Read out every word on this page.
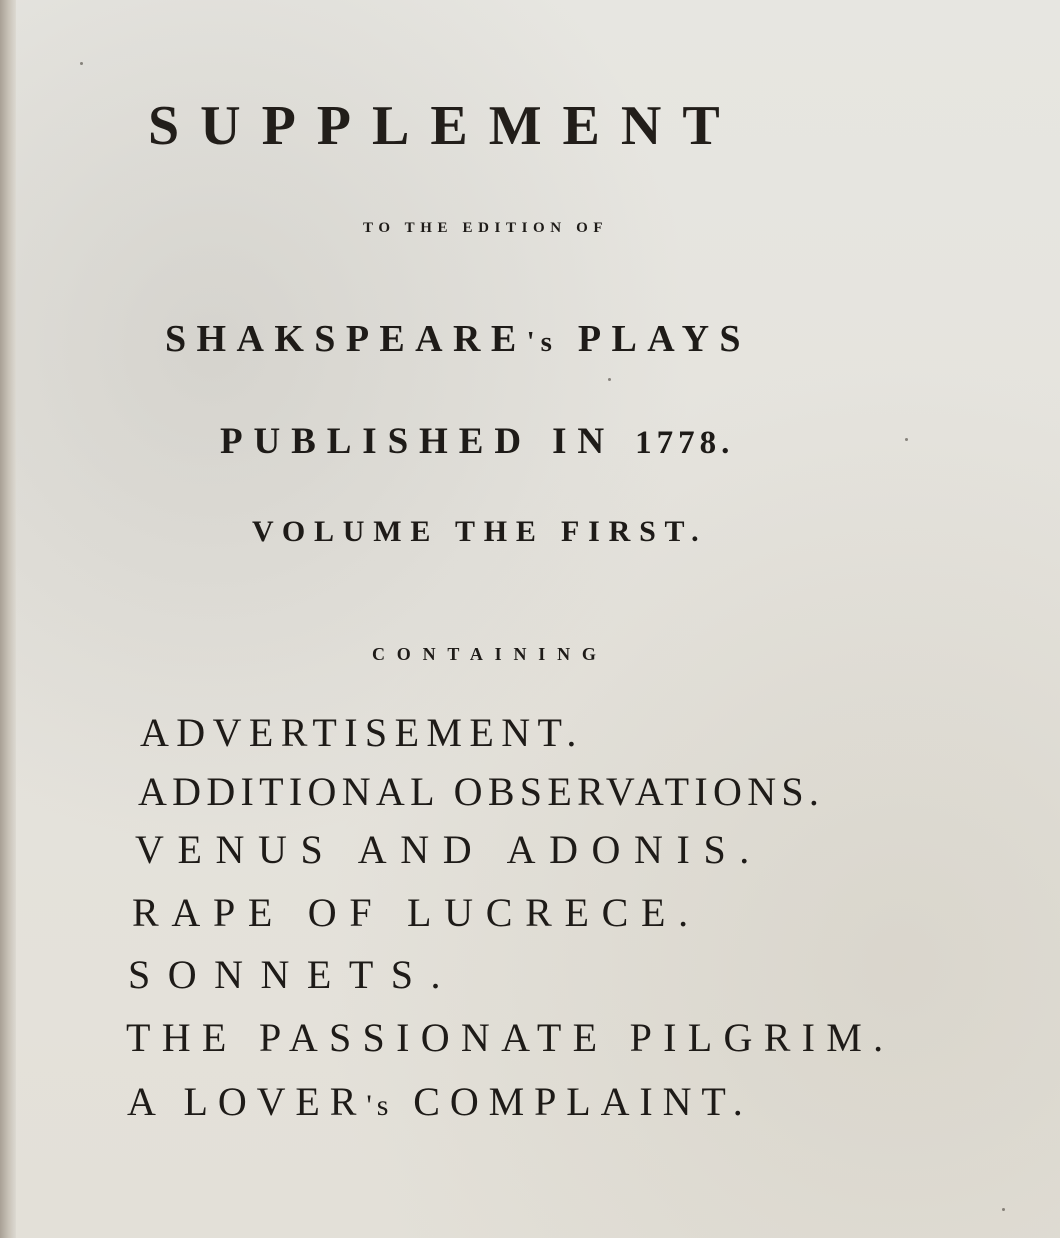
SUPPLEMENT
TO THE EDITION OF
SHAKSPEARE's PLAYS
PUBLISHED IN 1778.
VOLUME THE FIRST.
CONTAINING
ADVERTISEMENT.
ADDITIONAL OBSERVATIONS.
VENUS AND ADONIS.
RAPE OF LUCRECE.
SONNETS.
THE PASSIONATE PILGRIM.
A LOVER's COMPLAINT.
